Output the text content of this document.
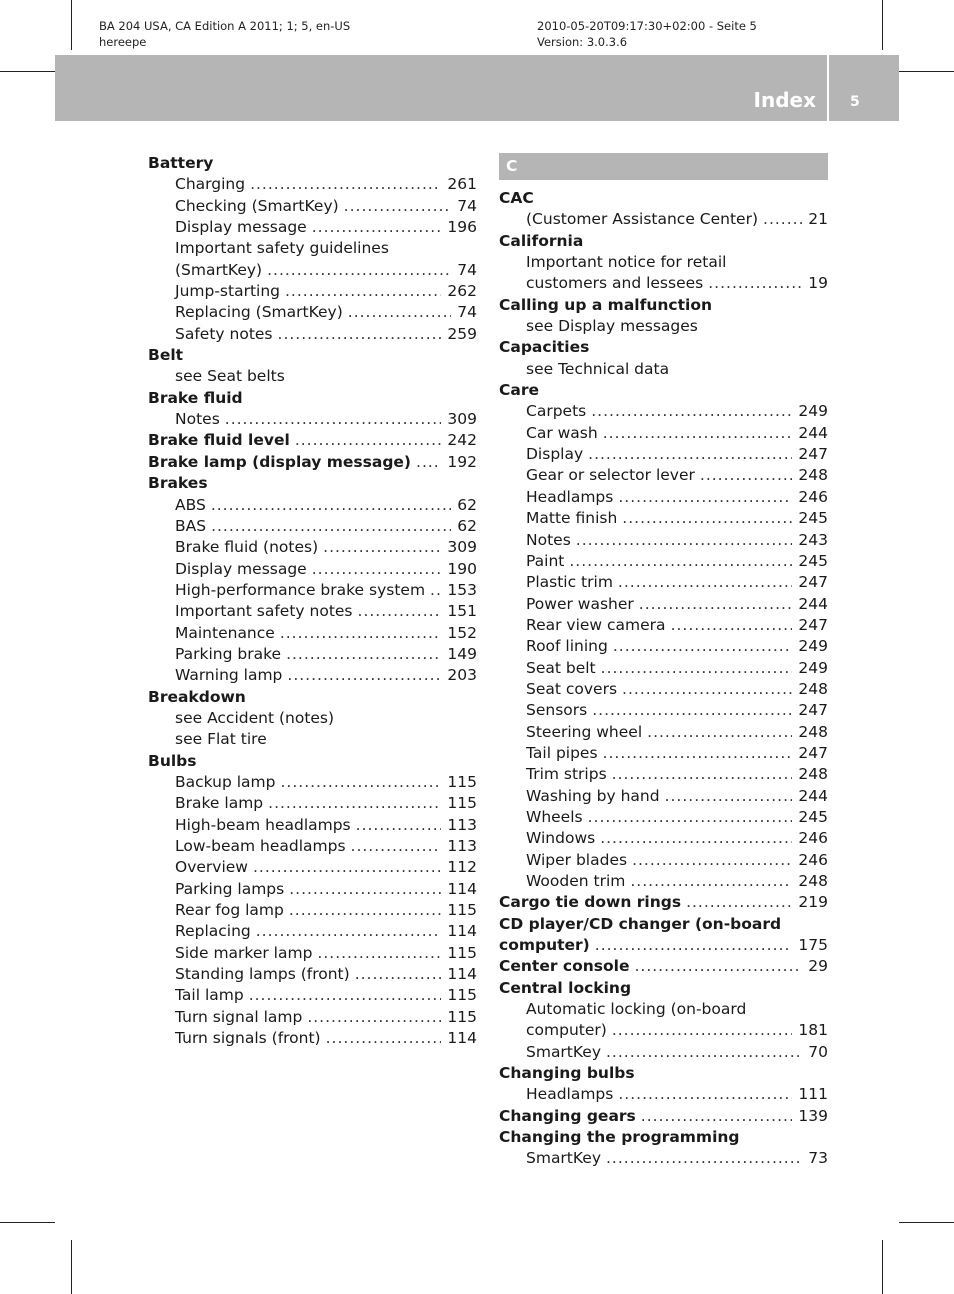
BA 204 USA, CA Edition A 2011; 1; 5, en-US
hereepe
2010-05-20T09:17:30+02:00 - Seite 5
Version: 3.0.3.6
Index 5
Battery
Charging .....	261
Checking (SmartKey) .....	74
Display message .....	196
Important safety guidelines
(SmartKey) .....	74
Jump-starting .....	262
Replacing (SmartKey) .....	74
Safety notes .....	259
Belt
see Seat belts
Brake fluid
Notes .....	309
Brake fluid level .....	242
Brake lamp (display message) ..... 192
Brakes
ABS .....	62
BAS .....	62
Brake fluid (notes) .....	309
Display message .....	190
High-performance brake system ..... 153
Important safety notes .....	151
Maintenance .....	152
Parking brake .....	149
Warning lamp .....	203
Breakdown
see Accident (notes)
see Flat tire
Bulbs
Backup lamp .....	115
Brake lamp .....	115
High-beam headlamps .....	113
Low-beam headlamps .....	113
Overview .....	112
Parking lamps .....	114
Rear fog lamp .....	115
Replacing .....	114
Side marker lamp .....	115
Standing lamps (front) .....	114
Tail lamp .....	115
Turn signal lamp .....	115
Turn signals (front) .....	114
C
CAC
(Customer Assistance Center) .....	21
California
Important notice for retail
customers and lessees .....	19
Calling up a malfunction
see Display messages
Capacities
see Technical data
Care
Carpets .....	249
Car wash .....	244
Display .....	247
Gear or selector lever .....	248
Headlamps .....	246
Matte finish .....	245
Notes .....	243
Paint .....	245
Plastic trim .....	247
Power washer .....	244
Rear view camera .....	247
Roof lining .....	249
Seat belt .....	249
Seat covers .....	248
Sensors .....	247
Steering wheel .....	248
Tail pipes .....	247
Trim strips .....	248
Washing by hand .....	244
Wheels .....	245
Windows .....	246
Wiper blades .....	246
Wooden trim .....	248
Cargo tie down rings .....	219
CD player/CD changer (on-board
computer) .....	175
Center console .....	29
Central locking
Automatic locking (on-board
computer) .....	181
SmartKey .....	70
Changing bulbs
Headlamps .....	111
Changing gears .....	139
Changing the programming
SmartKey .....	73
